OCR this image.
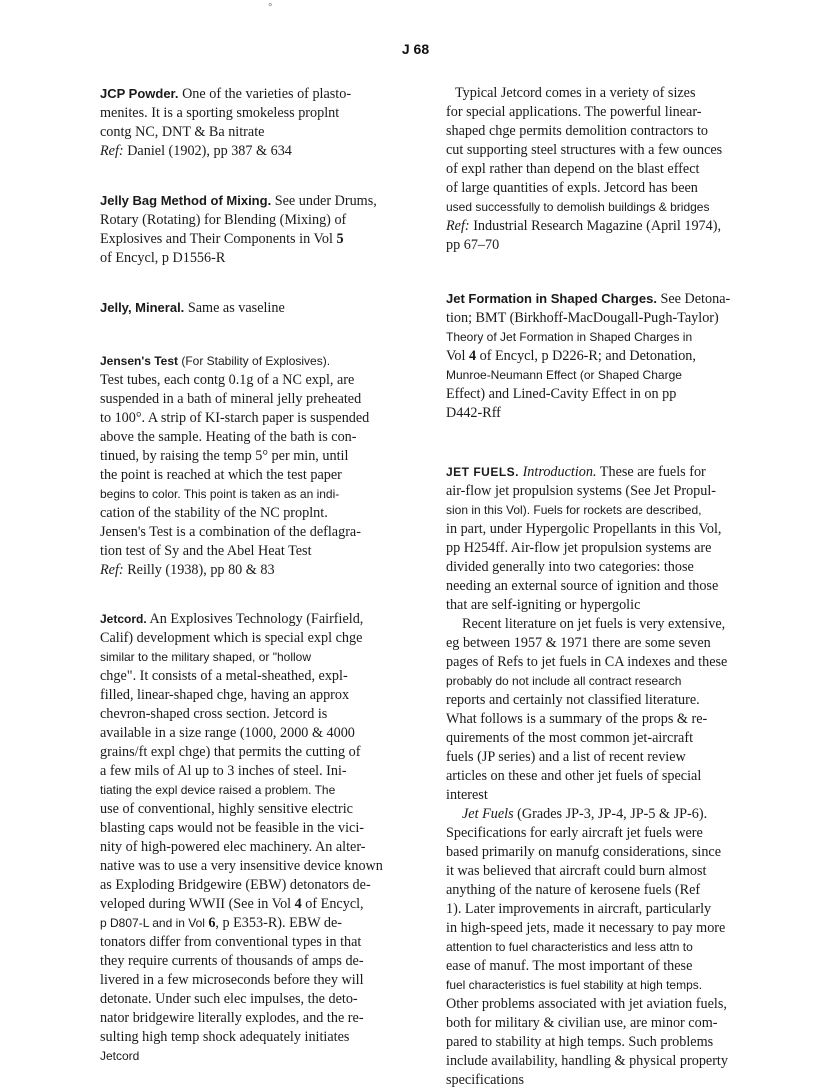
J 68
°
JCP Powder. One of the varieties of plasto-
menites. It is a sporting smokeless proplnt
contg NC, DNT & Ba nitrate
Ref: Daniel (1902), pp 387 & 634
Jelly Bag Method of Mixing. See under Drums,
Rotary (Rotating) for Blending (Mixing) of
Explosives and Their Components in Vol 5
of Encycl, p D1556-R
Jelly, Mineral. Same as vaseline
Jensen's Test (For Stability of Explosives).
Test tubes, each contg 0.1g of a NC expl, are
suspended in a bath of mineral jelly preheated
to 100°. A strip of KI-starch paper is suspended
above the sample. Heating of the bath is con-
tinued, by raising the temp 5° per min, until
the point is reached at which the test paper
begins to color. This point is taken as an indi-
cation of the stability of the NC proplnt.
Jensen's Test is a combination of the deflagra-
tion test of Sy and the Abel Heat Test
Ref: Reilly (1938), pp 80 & 83
Jetcord. An Explosives Technology (Fairfield,
Calif) development which is special expl chge
similar to the military shaped, or "hollow
chge". It consists of a metal-sheathed, expl-
filled, linear-shaped chge, having an approx
chevron-shaped cross section. Jetcord is
available in a size range (1000, 2000 & 4000
grains/ft expl chge) that permits the cutting of
a few mils of Al up to 3 inches of steel. Ini-
tiating the expl device raised a problem. The
use of conventional, highly sensitive electric
blasting caps would not be feasible in the vici-
nity of high-powered elec machinery. An alter-
native was to use a very insensitive device known
as Exploding Bridgewire (EBW) detonators de-
veloped during WWII (See in Vol 4 of Encycl,
p D807-L and in Vol 6, p E353-R). EBW de-
tonators differ from conventional types in that
they require currents of thousands of amps de-
livered in a few microseconds before they will
detonate. Under such elec impulses, the deto-
nator bridgewire literally explodes, and the re-
sulting high temp shock adequately initiates
Jetcord
Typical Jetcord comes in a veriety of sizes
for special applications. The powerful linear-
shaped chge permits demolition contractors to
cut supporting steel structures with a few ounces
of expl rather than depend on the blast effect
of large quantities of expls. Jetcord has been
used successfully to demolish buildings & bridges
Ref: Industrial Research Magazine (April 1974),
pp 67–70
Jet Formation in Shaped Charges. See Detona-
tion; BMT (Birkhoff-MacDougall-Pugh-Taylor)
Theory of Jet Formation in Shaped Charges in
Vol 4 of Encycl, p D226-R; and Detonation,
Munroe-Neumann Effect (or Shaped Charge
Effect) and Lined-Cavity Effect in on pp
D442-Rff
JET FUELS. Introduction. These are fuels for
air-flow jet propulsion systems (See Jet Propul-
sion in this Vol). Fuels for rockets are described,
in part, under Hypergolic Propellants in this Vol,
pp H254ff. Air-flow jet propulsion systems are
divided generally into two categories: those
needing an external source of ignition and those
that are self-igniting or hypergolic
Recent literature on jet fuels is very extensive,
eg between 1957 & 1971 there are some seven
pages of Refs to jet fuels in CA indexes and these
probably do not include all contract research
reports and certainly not classified literature.
What follows is a summary of the props & re-
quirements of the most common jet-aircraft
fuels (JP series) and a list of recent review
articles on these and other jet fuels of special
interest
Jet Fuels (Grades JP-3, JP-4, JP-5 & JP-6).
Specifications for early aircraft jet fuels were
based primarily on manufg considerations, since
it was believed that aircraft could burn almost
anything of the nature of kerosene fuels (Ref
1). Later improvements in aircraft, particularly
in high-speed jets, made it necessary to pay more
attention to fuel characteristics and less attn to
ease of manuf. The most important of these
fuel characteristics is fuel stability at high temps.
Other problems associated with jet aviation fuels,
both for military & civilian use, are minor com-
pared to stability at high temps. Such problems
include availability, handling & physical property
specifications
